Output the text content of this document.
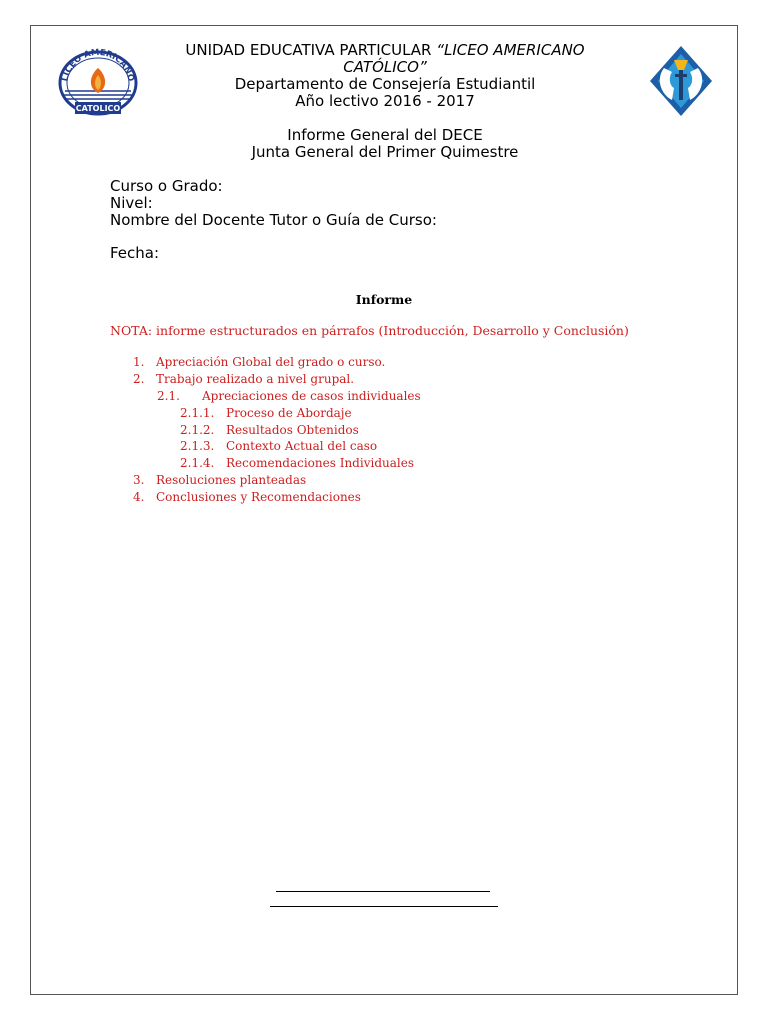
LICEO AMERICANO
CATOLICO
UNIDAD EDUCATIVA PARTICULAR “LICEO AMERICANO
CATÓLICO”
Departamento de Consejería Estudiantil
Año lectivo 2016 - 2017
Informe General del DECE
Junta General del Primer Quimestre
Curso o Grado:
Nivel:
Nombre del Docente Tutor o Guía de Curso:
Fecha:
Informe
NOTA: informe estructurados en párrafos (Introducción, Desarrollo y Conclusión)
1. Apreciación Global del grado o curso.
2. Trabajo realizado a nivel grupal.
2.1. Apreciaciones de casos individuales
2.1.1. Proceso de Abordaje
2.1.2. Resultados Obtenidos
2.1.3. Contexto Actual del caso
2.1.4. Recomendaciones Individuales
3. Resoluciones planteadas
4. Conclusiones y Recomendaciones
